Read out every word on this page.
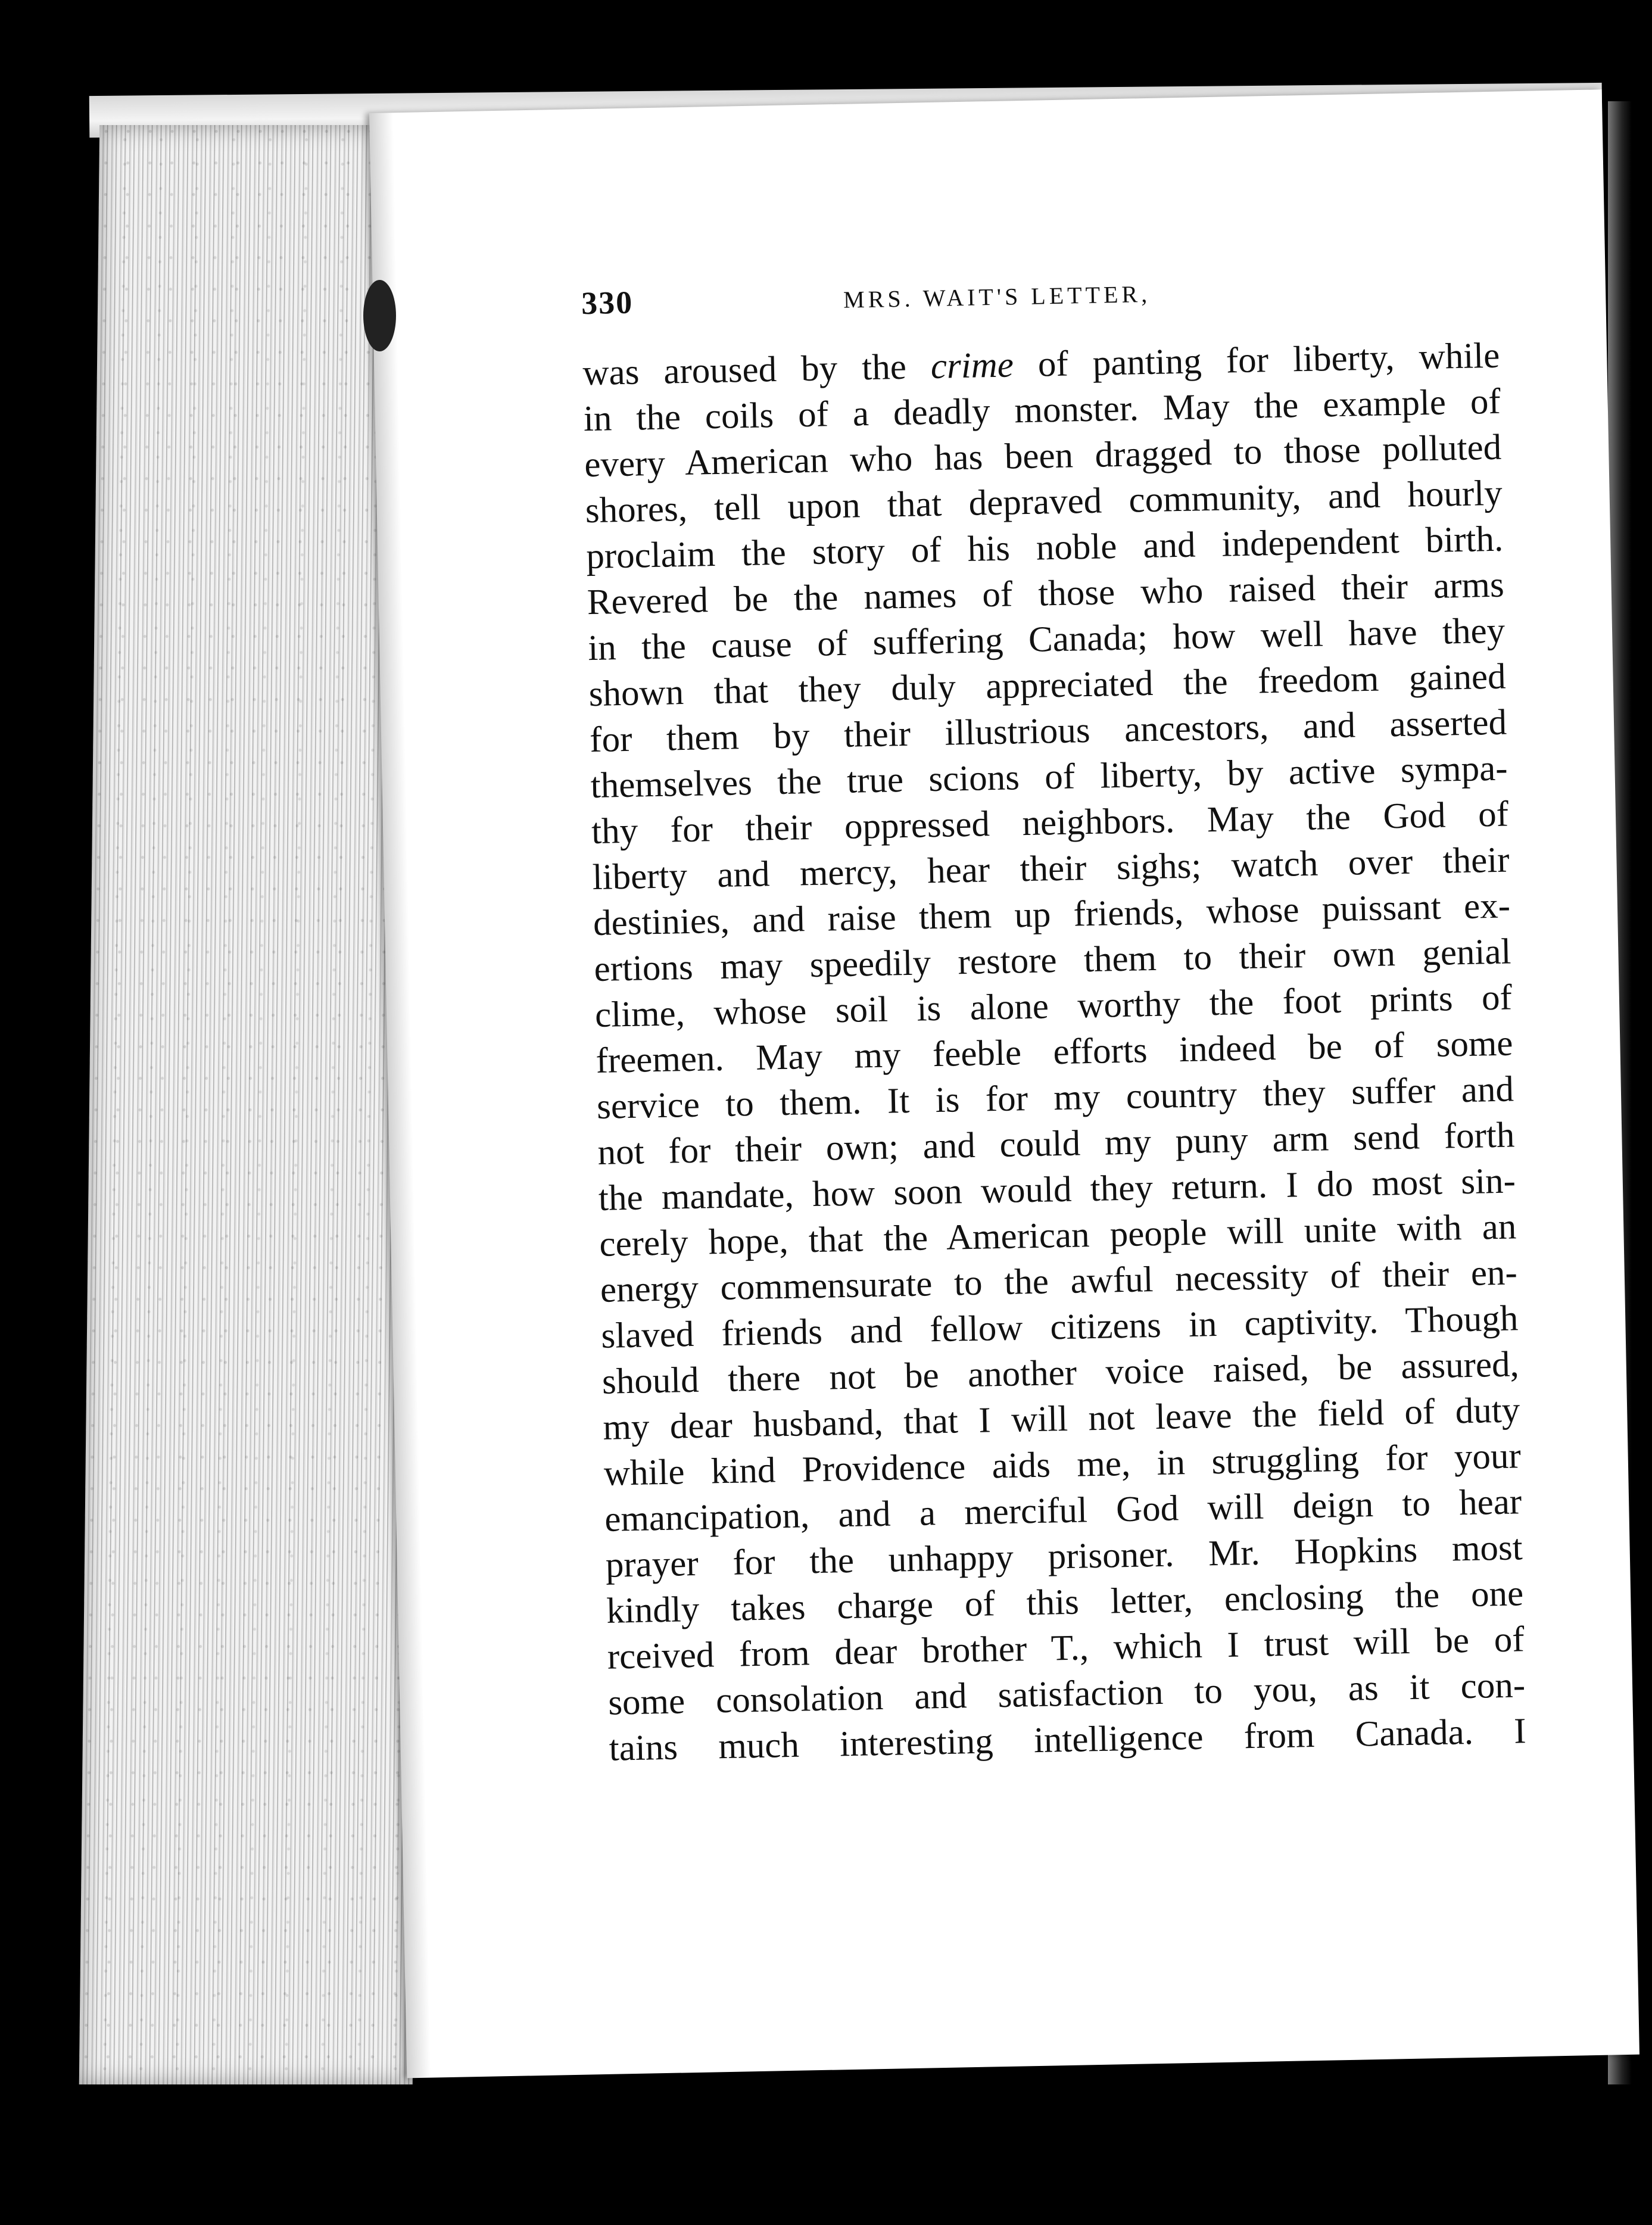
330	MRS. WAIT'S LETTER,
was aroused by the crime of panting for liberty, while
in the coils of a deadly monster. May the example of
every American who has been dragged to those polluted
shores, tell upon that depraved community, and hourly
proclaim the story of his noble and independent birth.
Revered be the names of those who raised their arms
in the cause of suffering Canada; how well have they
shown that they duly appreciated the freedom gained
for them by their illustrious ancestors, and asserted
themselves the true scions of liberty, by active sympa-
thy for their oppressed neighbors. May the God of
liberty and mercy, hear their sighs; watch over their
destinies, and raise them up friends, whose puissant ex-
ertions may speedily restore them to their own genial
clime, whose soil is alone worthy the foot prints of
freemen. May my feeble efforts indeed be of some
service to them. It is for my country they suffer and
not for their own; and could my puny arm send forth
the mandate, how soon would they return. I do most sin-
cerely hope, that the American people will unite with an
energy commensurate to the awful necessity of their en-
slaved friends and fellow citizens in captivity. Though
should there not be another voice raised, be assured,
my dear husband, that I will not leave the field of duty
while kind Providence aids me, in struggling for your
emancipation, and a merciful God will deign to hear
prayer for the unhappy prisoner. Mr. Hopkins most
kindly takes charge of this letter, enclosing the one
rceived from dear brother T., which I trust will be of
some consolation and satisfaction to you, as it con-
tains much interesting intelligence from Canada. I
